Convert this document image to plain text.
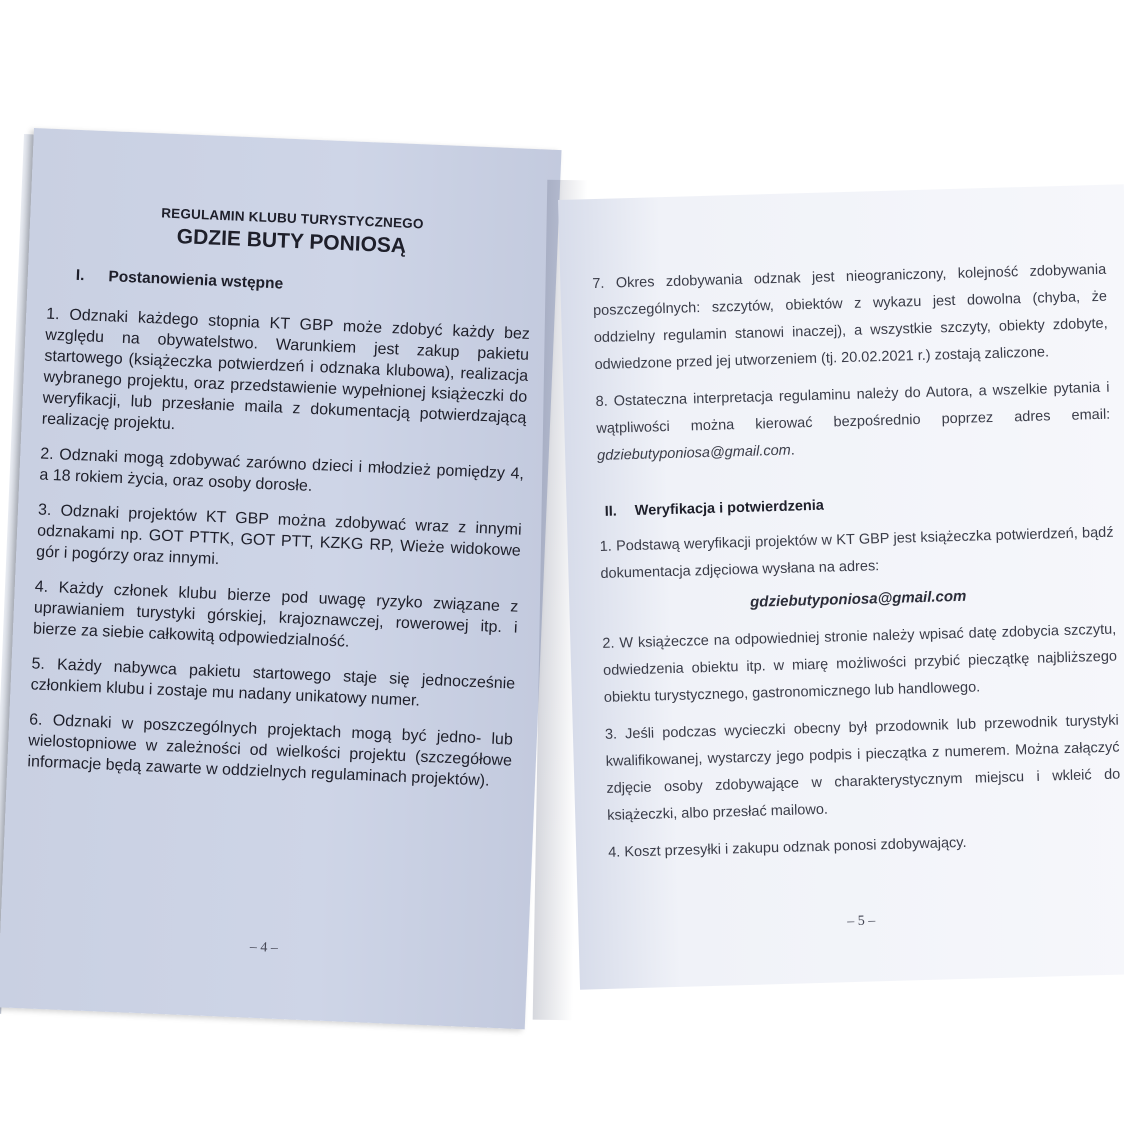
REGULAMIN KLUBU TURYSTYCZNEGO
GDZIE BUTY PONIOSĄ
I. Postanowienia wstępne

1. Odznaki każdego stopnia KT GBP może zdobyć każdy bez względu na obywatelstwo. Warunkiem jest zakup pakietu startowego (książeczka potwierdzeń i odznaka klubowa), realizacja wybranego projektu, oraz przedstawienie wypełnionej książeczki do weryfikacji, lub przesłanie maila z dokumentacją potwierdzającą realizację projektu.

2. Odznaki mogą zdobywać zarówno dzieci i młodzież pomiędzy 4, a 18 rokiem życia, oraz osoby dorosłe.

3. Odznaki projektów KT GBP można zdobywać wraz z innymi odznakami np. GOT PTTK, GOT PTT, KZKG RP, Wieże widokowe gór i pogórzy oraz innymi.

4. Każdy członek klubu bierze pod uwagę ryzyko związane z uprawianiem turystyki górskiej, krajoznawczej, rowerowej itp. i bierze za siebie całkowitą odpowiedzialność.

5. Każdy nabywca pakietu startowego staje się jednocześnie członkiem klubu i zostaje mu nadany unikatowy numer.

6. Odznaki w poszczególnych projektach mogą być jedno- lub wielostopniowe w zależności od wielkości projektu (szczegółowe informacje będą zawarte w oddzielnych regulaminach projektów).

– 4 –

7. Okres zdobywania odznak jest nieograniczony, kolejność zdobywania poszczególnych: szczytów, obiektów z wykazu jest dowolna (chyba, że oddzielny regulamin stanowi inaczej), a wszystkie szczyty, obiekty zdobyte, odwiedzone przed jej utworzeniem (tj. 20.02.2021 r.) zostają zaliczone.

8. Ostateczna interpretacja regulaminu należy do Autora, a wszelkie pytania i wątpliwości można kierować bezpośrednio poprzez adres email: gdziebutyponiosa@gmail.com.

II. Weryfikacja i potwierdzenia

1. Podstawą weryfikacji projektów w KT GBP jest książeczka potwierdzeń, bądź dokumentacja zdjęciowa wysłana na adres:

gdziebutyponiosa@gmail.com

2. W książeczce na odpowiedniej stronie należy wpisać datę zdobycia szczytu, odwiedzenia obiektu itp. w miarę możliwości przybić pieczątkę najbliższego obiektu turystycznego, gastronomicznego lub handlowego.

3. Jeśli podczas wycieczki obecny był przodownik lub przewodnik turystyki kwalifikowanej, wystarczy jego podpis i pieczątka z numerem. Można załączyć zdjęcie osoby zdobywające w charakterystycznym miejscu i wkleić do książeczki, albo przesłać mailowo.

4. Koszt przesyłki i zakupu odznak ponosi zdobywający.

– 5 –
